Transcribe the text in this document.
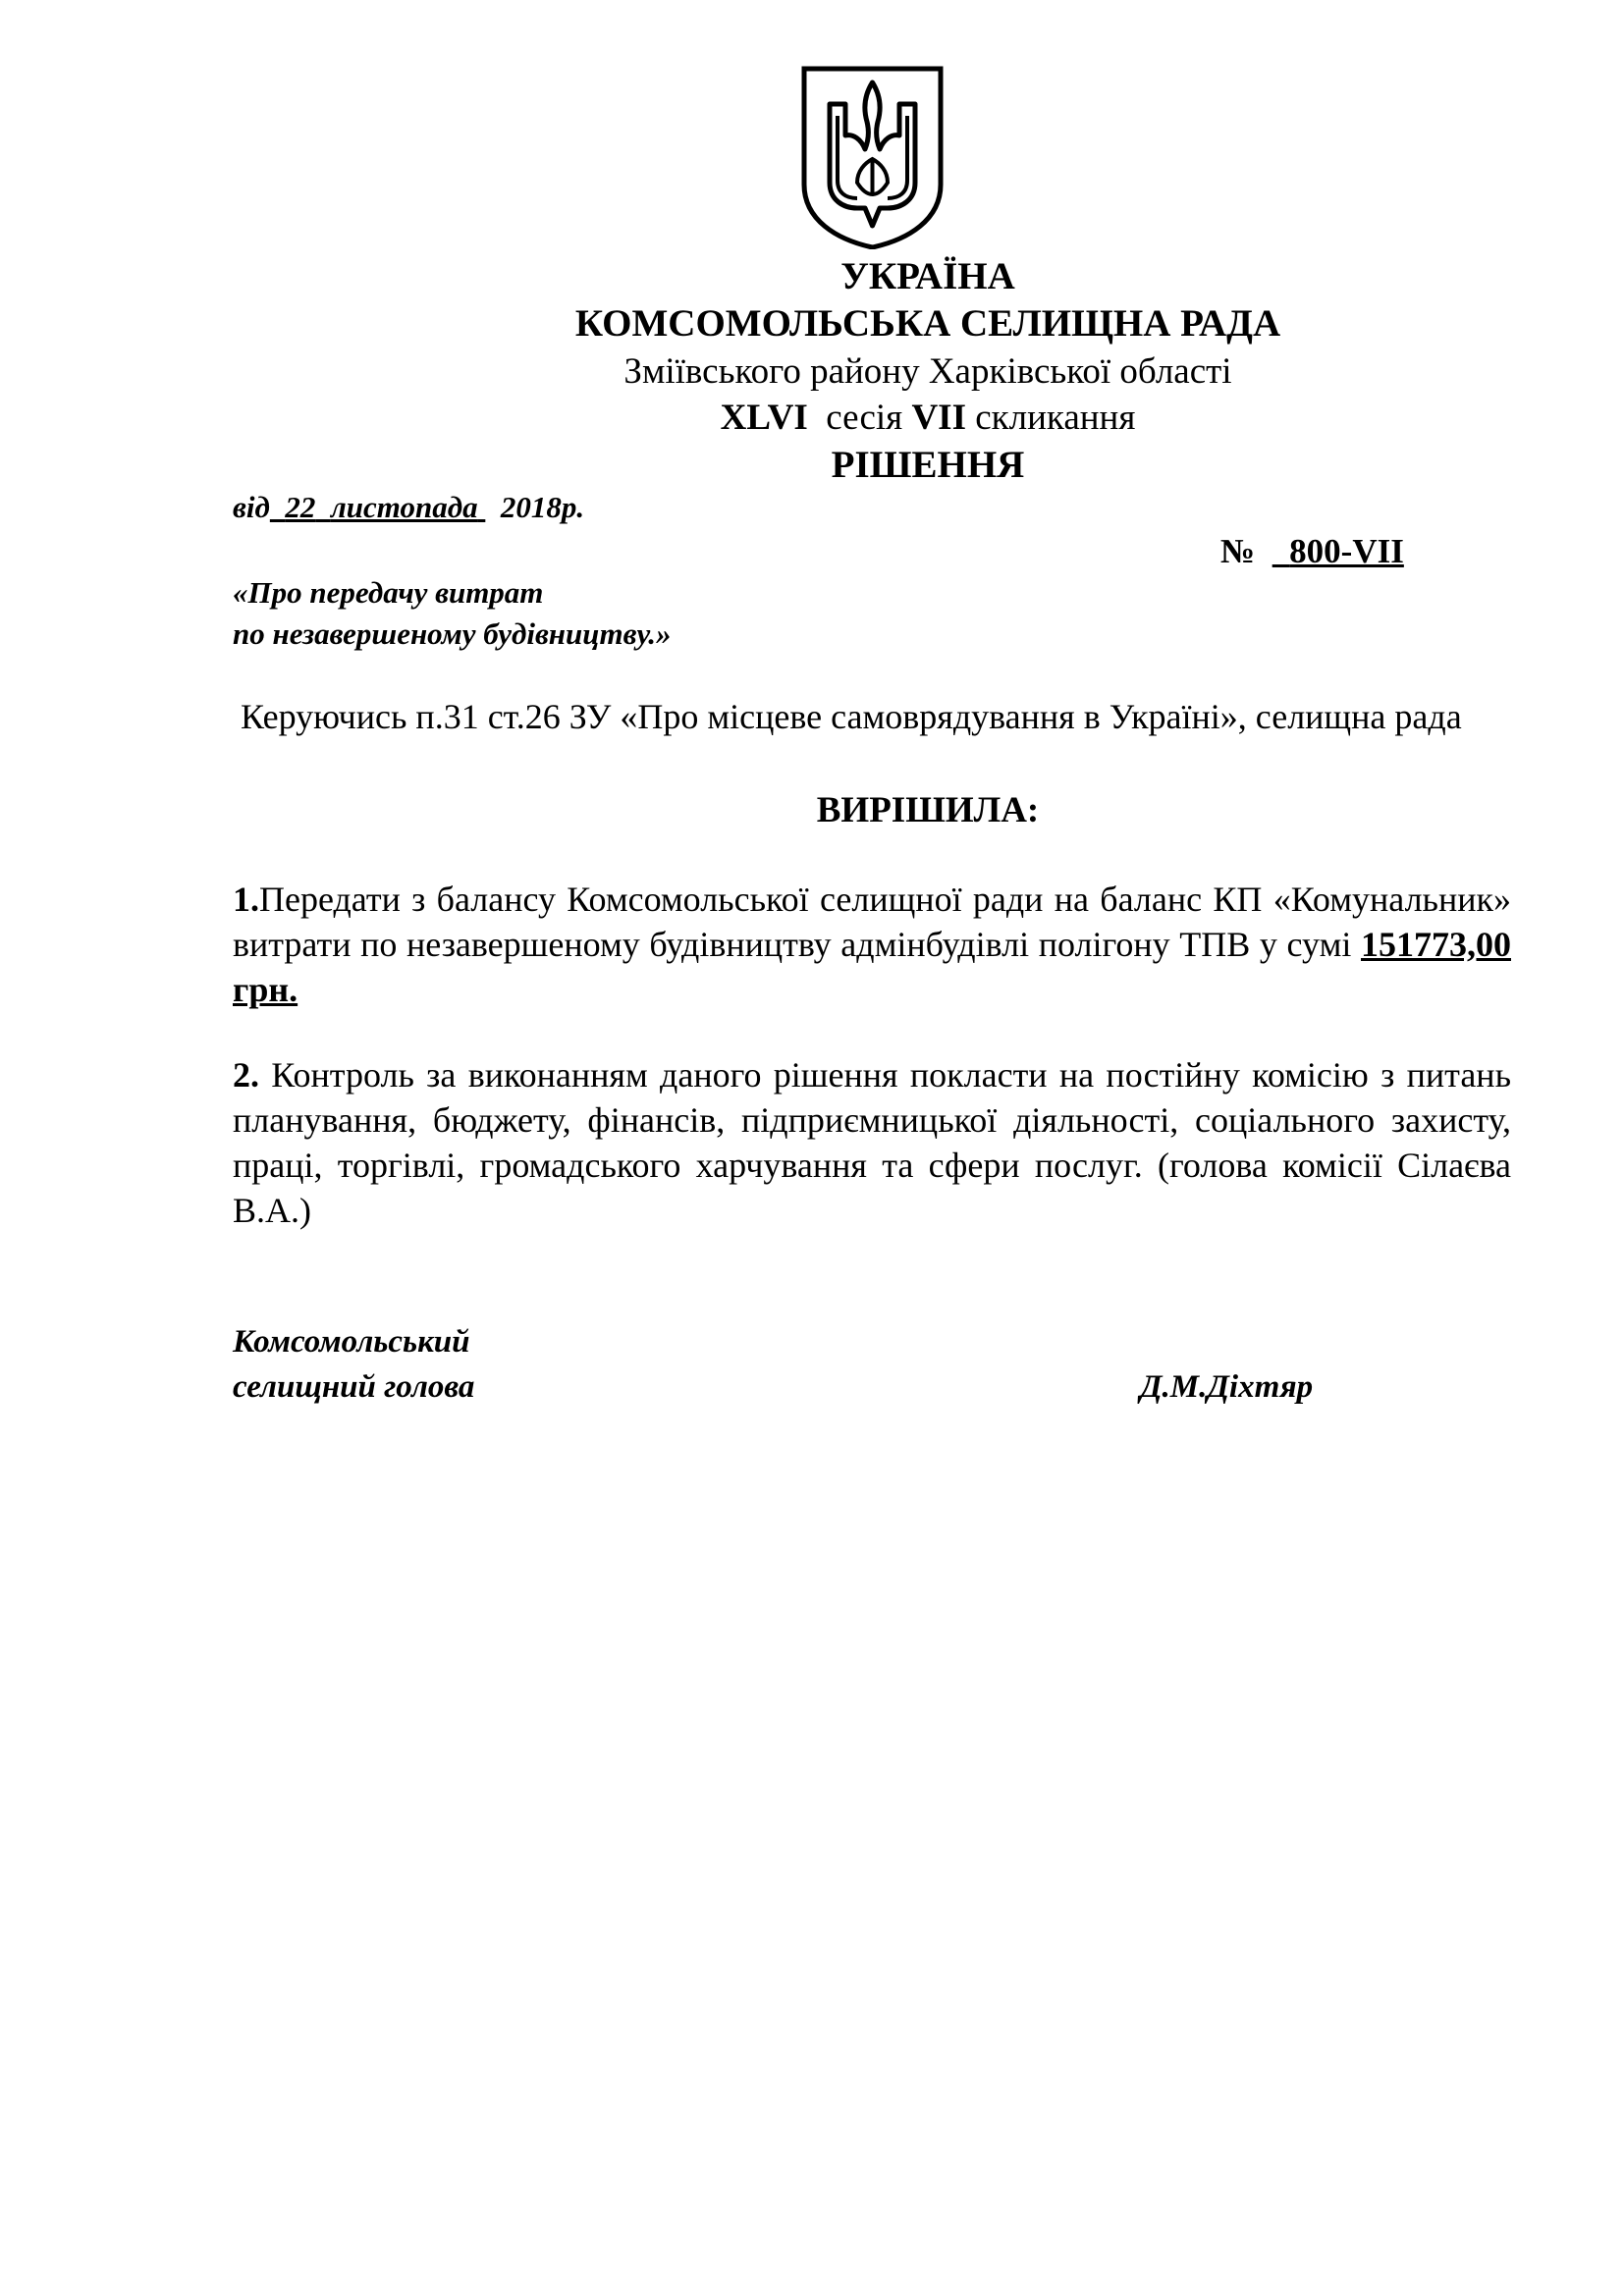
УКРАЇНА
КОМСОМОЛЬСЬКА СЕЛИЩНА РАДА
Зміївського району Харківської області
XLVI сесія VII скликання
РІШЕННЯ
від 22 листопада 2018р.
№ 800-VII
«Про передачу витрат
по незавершеному будівництву.»
Керуючись п.31 ст.26 ЗУ «Про місцеве самоврядування в Україні», селищна рада
ВИРІШИЛА:
1.Передати з балансу Комсомольської селищної ради на баланс КП «Комунальник» витрати по незавершеному будівництву адмінбудівлі полігону ТПВ у сумі 151773,00 грн.
2. Контроль за виконанням даного рішення покласти на постійну комісію з питань планування, бюджету, фінансів, підприємницької діяльності, соціального захисту, праці, торгівлі, громадського харчування та сфери послуг. (голова комісії Сілаєва В.А.)
Комсомольський
селищний голова	Д.М.Діхтяр
